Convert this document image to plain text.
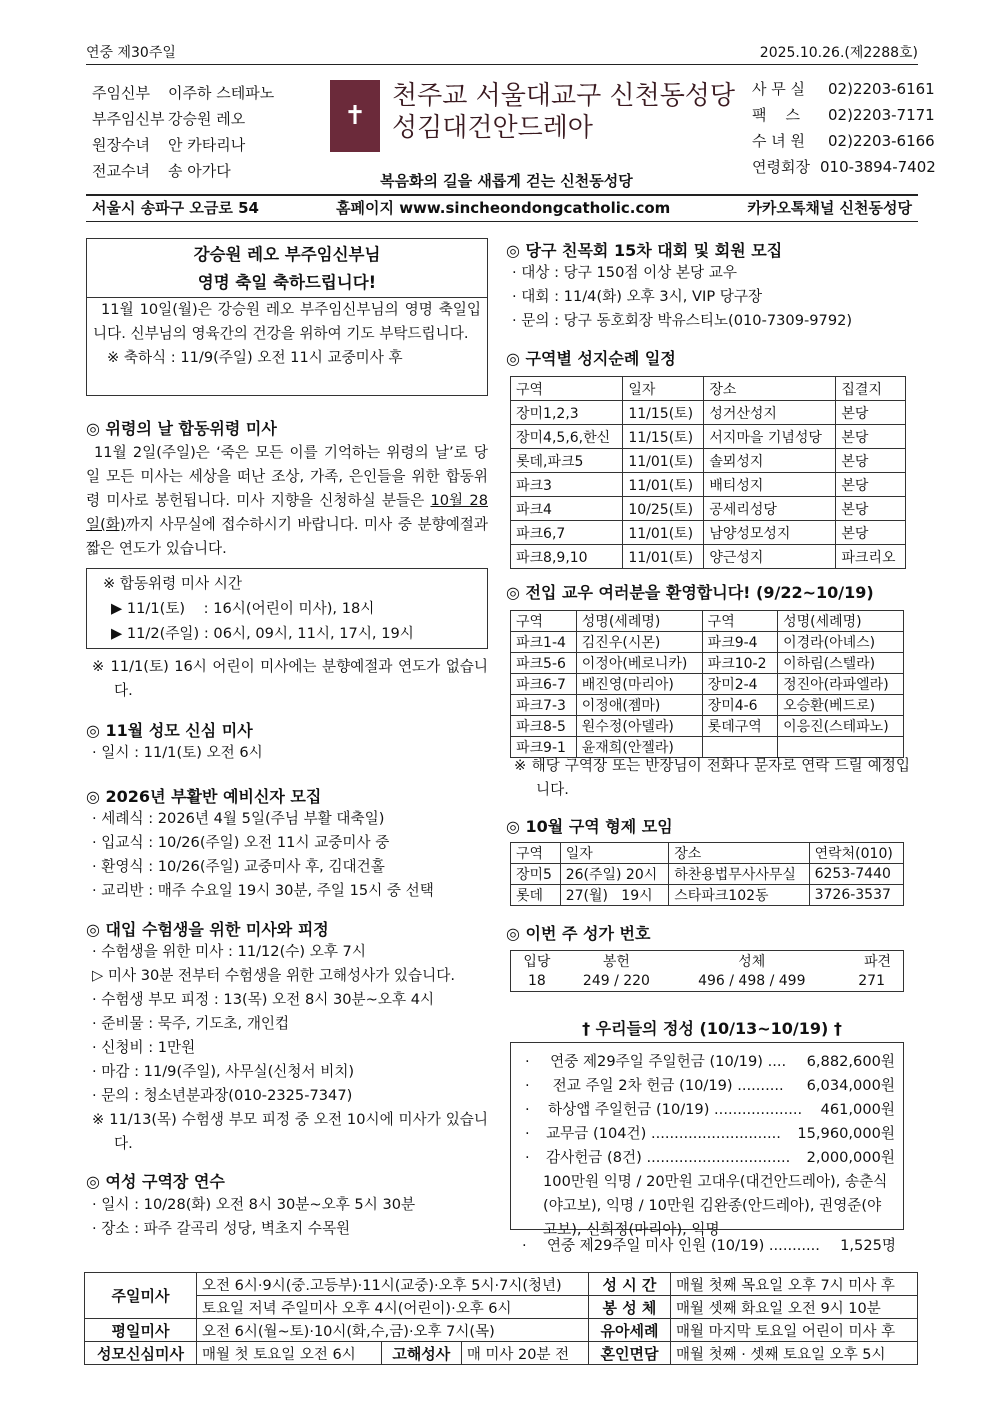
연중 제30주일	2025.10.26.(제2288호)
주임신부 이주하 스테파노
부주임신부 강승원 레오
원장수녀 안 카타리나
전교수녀 송 아가다
✝
천주교 서울대교구 신천동성당
성김대건안드레아
복음화의 길을 새롭게 걷는 신천동성당
사 무 실 02)2203-6161
팩    스 02)2203-7171
수 녀 원 02)2203-6166
연령회장 010-3894-7402
서울시 송파구 오금로 54	홈페이지 www.sincheondongcatholic.com	카카오톡채널 신천동성당
강승원 레오 부주임신부님
영명 축일 축하드립니다!
11월 10일(월)은 강승원 레오 부주임신부님의 영명 축일입니다. 신부님의 영육간의 건강을 위하여 기도 부탁드립니다.
※ 축하식 : 11/9(주일) 오전 11시 교중미사 후
◎ 위령의 날 합동위령 미사
11월 2일(주일)은 ‘죽은 모든 이를 기억하는 위령의 날’로 당일 모든 미사는 세상을 떠난 조상, 가족, 은인들을 위한 합동위령 미사로 봉헌됩니다. 미사 지향을 신청하실 분들은 10월 28일(화)까지 사무실에 접수하시기 바랍니다. 미사 중 분향예절과 짧은 연도가 있습니다.
※ 합동위령 미사 시간
▶ 11/1(토)    : 16시(어린이 미사), 18시
▶ 11/2(주일) : 06시, 09시, 11시, 17시, 19시
※ 11/1(토) 16시 어린이 미사에는 분향예절과 연도가 없습니다.
◎ 11월 성모 신심 미사
· 일시 : 11/1(토) 오전 6시
◎ 2026년 부활반 예비신자 모집
· 세례식 : 2026년 4월 5일(주님 부활 대축일)
· 입교식 : 10/26(주일) 오전 11시 교중미사 중
· 환영식 : 10/26(주일) 교중미사 후, 김대건홀
· 교리반 : 매주 수요일 19시 30분, 주일 15시 중 선택
◎ 대입 수험생을 위한 미사와 피정
· 수험생을 위한 미사 : 11/12(수) 오후 7시
▷ 미사 30분 전부터 수험생을 위한 고해성사가 있습니다.
· 수험생 부모 피정 : 13(목) 오전 8시 30분~오후 4시
· 준비물 : 묵주, 기도초, 개인컵
· 신청비 : 1만원
· 마감 : 11/9(주일), 사무실(신청서 비치)
· 문의 : 청소년분과장(010-2325-7347)
※ 11/13(목) 수험생 부모 피정 중 오전 10시에 미사가 있습니다.
◎ 여성 구역장 연수
· 일시 : 10/28(화) 오전 8시 30분~오후 5시 30분
· 장소 : 파주 갈곡리 성당, 벽초지 수목원
◎ 당구 친목회 15차 대회 및 회원 모집
· 대상 : 당구 150점 이상 본당 교우
· 대회 : 11/4(화) 오후 3시, VIP 당구장
· 문의 : 당구 동호회장 박유스티노(010-7309-9792)
◎ 구역별 성지순례 일정
구역	일자	장소	집결지
장미1,2,3	11/15(토)	성거산성지	본당
장미4,5,6,한신	11/15(토)	서지마을 기념성당	본당
롯데,파크5	11/01(토)	솔뫼성지	본당
파크3	11/01(토)	배티성지	본당
파크4	10/25(토)	공세리성당	본당
파크6,7	11/01(토)	남양성모성지	본당
파크8,9,10	11/01(토)	양근성지	파크리오
◎ 전입 교우 여러분을 환영합니다! (9/22~10/19)
구역	성명(세례명)	구역	성명(세례명)
파크1-4	김진우(시몬)	파크9-4	이경라(아녜스)
파크5-6	이정아(베로니카)	파크10-2	이하림(스텔라)
파크6-7	배진영(마리아)	장미2-4	정진아(라파엘라)
파크7-3	이정애(젬마)	장미4-6	오승환(베드로)
파크8-5	원수정(아델라)	롯데구역	이응진(스테파노)
파크9-1	윤재희(안젤라)		
※ 해당 구역장 또는 반장님이 전화나 문자로 연락 드릴 예정입니다.
◎ 10월 구역 형제 모임
구역	일자	장소	연락처(010)
장미5	26(주일) 20시	하찬용법무사사무실	6253-7440
롯데	27(월)   19시	스타파크102동	3726-3537
◎ 이번 주 성가 번호
입당	봉헌	성체	파견
18	249 / 220	496 / 498 / 499	271
† 우리들의 정성 (10/13~10/19) †
· 연중 제29주일 주일헌금 (10/19) .... 6,882,600원
· 전교 주일 2차 헌금 (10/19) .......... 6,034,000원
· 하상앱 주일헌금 (10/19) ................... 461,000원
· 교무금 (104건) ............................ 15,960,000원
· 감사헌금 (8건) ............................... 2,000,000원
100만원 익명 / 20만원 고대우(대건안드레아), 송춘식(야고보), 익명 / 10만원 김완종(안드레아), 권영준(야고보), 신희정(마리아), 익명
· 연중 제29주일 미사 인원 (10/19) ........... 1,525명
주일미사	오전 6시·9시(중.고등부)·11시(교중)·오후 5시·7시(청년)			성 시 간	매월 첫째 목요일 오후 7시 미사 후
	토요일 저녁 주일미사 오후 4시(어린이)·오후 6시			봉 성 체	매월 셋째 화요일 오전 9시 10분
평일미사	오전 6시(월~토)·10시(화,수,금)·오후 7시(목)			유아세례	매월 마지막 토요일 어린이 미사 후
성모신심미사	매월 첫 토요일 오전 6시	고해성사	매 미사 20분 전	혼인면담	매월 첫째 · 셋째 토요일 오후 5시
